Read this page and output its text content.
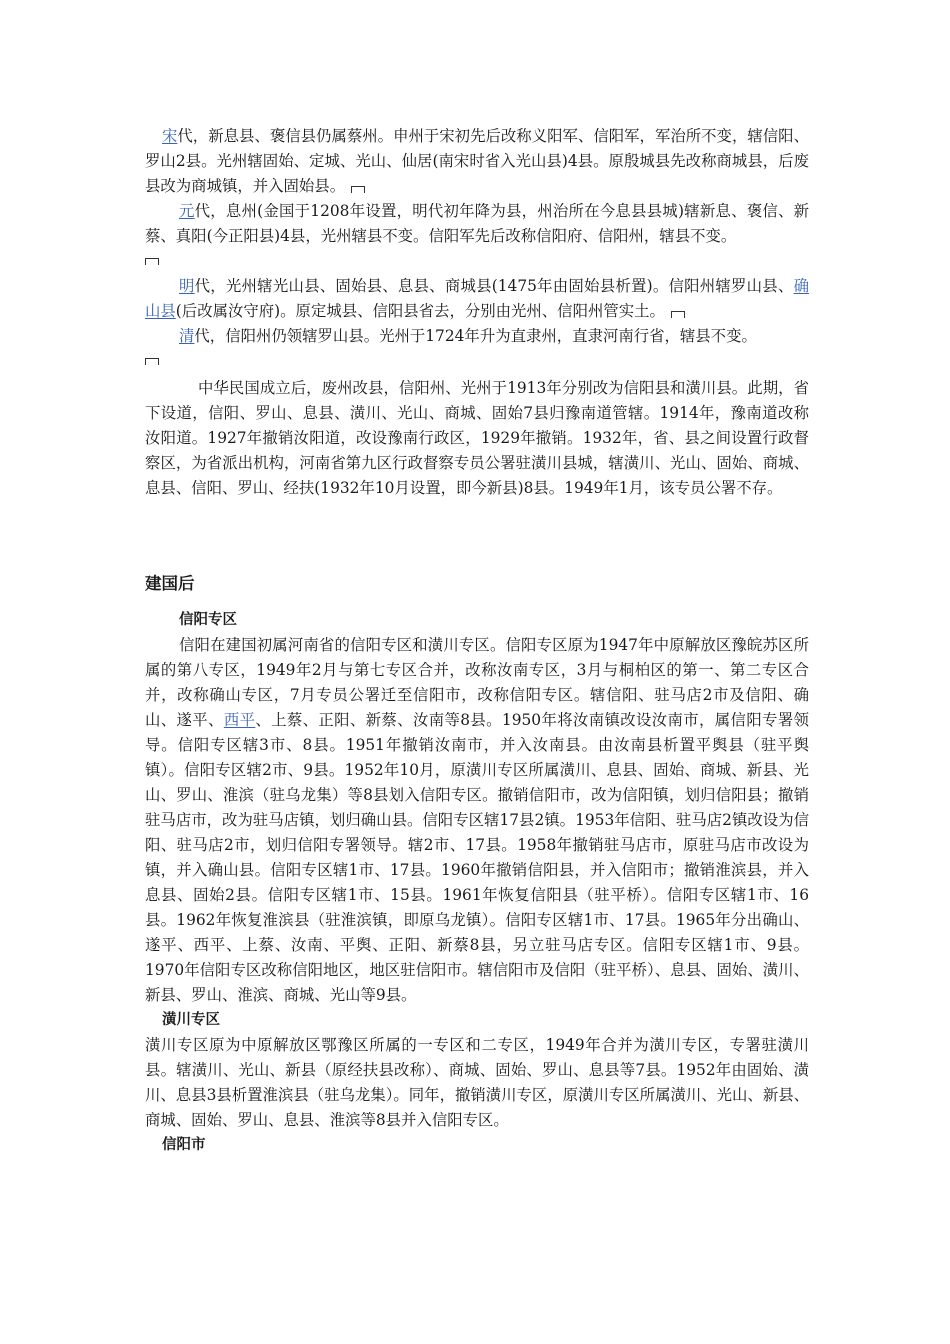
宋代，新息县、褒信县仍属蔡州。申州于宋初先后改称义阳军、信阳军，军治所不变，辖信阳、罗山2县。光州辖固始、定城、光山、仙居(南宋时省入光山县)4县。原殷城县先改称商城县，后废县改为商城镇，并入固始县。

元代，息州(金国于1208年设置，明代初年降为县，州治所在今息县县城)辖新息、褒信、新蔡、真阳(今正阳县)4县，光州辖县不变。信阳军先后改称信阳府、信阳州，辖县不变。

明代，光州辖光山县、固始县、息县、商城县(1475年由固始县析置)。信阳州辖罗山县、确山县(后改属汝守府)。原定城县、信阳县省去，分别由光州、信阳州管实土。

清代，信阳州仍领辖罗山县。光州于1724年升为直隶州，直隶河南行省，辖县不变。

中华民国成立后，废州改县，信阳州、光州于1913年分别改为信阳县和潢川县。此期，省下设道，信阳、罗山、息县、潢川、光山、商城、固始7县归豫南道管辖。1914年，豫南道改称汝阳道。1927年撤销汝阳道，改设豫南行政区，1929年撤销。1932年，省、县之间设置行政督察区，为省派出机构，河南省第九区行政督察专员公署驻潢川县城，辖潢川、光山、固始、商城、息县、信阳、罗山、经扶(1932年10月设置，即今新县)8县。1949年1月，该专员公署不存。

建国后

信阳专区

信阳在建国初属河南省的信阳专区和潢川专区。信阳专区原为1947年中原解放区豫皖苏区所属的第八专区，1949年2月与第七专区合并，改称汝南专区，3月与桐柏区的第一、第二专区合并，改称确山专区，7月专员公署迁至信阳市，改称信阳专区。辖信阳、驻马店2市及信阳、确山、遂平、西平、上蔡、正阳、新蔡、汝南等8县。1950年将汝南镇改设汝南市，属信阳专署领导。信阳专区辖3市、8县。1951年撤销汝南市，并入汝南县。由汝南县析置平舆县（驻平舆镇）。信阳专区辖2市、9县。1952年10月，原潢川专区所属潢川、息县、固始、商城、新县、光山、罗山、淮滨（驻乌龙集）等8县划入信阳专区。撤销信阳市，改为信阳镇，划归信阳县；撤销驻马店市，改为驻马店镇，划归确山县。信阳专区辖17县2镇。1953年信阳、驻马店2镇改设为信阳、驻马店2市，划归信阳专署领导。辖2市、17县。1958年撤销驻马店市，原驻马店市改设为镇，并入确山县。信阳专区辖1市、17县。1960年撤销信阳县，并入信阳市；撤销淮滨县，并入息县、固始2县。信阳专区辖1市、15县。1961年恢复信阳县（驻平桥）。信阳专区辖1市、16县。1962年恢复淮滨县（驻淮滨镇，即原乌龙镇）。信阳专区辖1市、17县。1965年分出确山、遂平、西平、上蔡、汝南、平舆、正阳、新蔡8县，另立驻马店专区。信阳专区辖1市、9县。1970年信阳专区改称信阳地区，地区驻信阳市。辖信阳市及信阳（驻平桥）、息县、固始、潢川、新县、罗山、淮滨、商城、光山等9县。

潢川专区

潢川专区原为中原解放区鄂豫区所属的一专区和二专区，1949年合并为潢川专区，专署驻潢川县。辖潢川、光山、新县（原经扶县改称）、商城、固始、罗山、息县等7县。1952年由固始、潢川、息县3县析置淮滨县（驻乌龙集）。同年，撤销潢川专区，原潢川专区所属潢川、光山、新县、商城、固始、罗山、息县、淮滨等8县并入信阳专区。

信阳市
